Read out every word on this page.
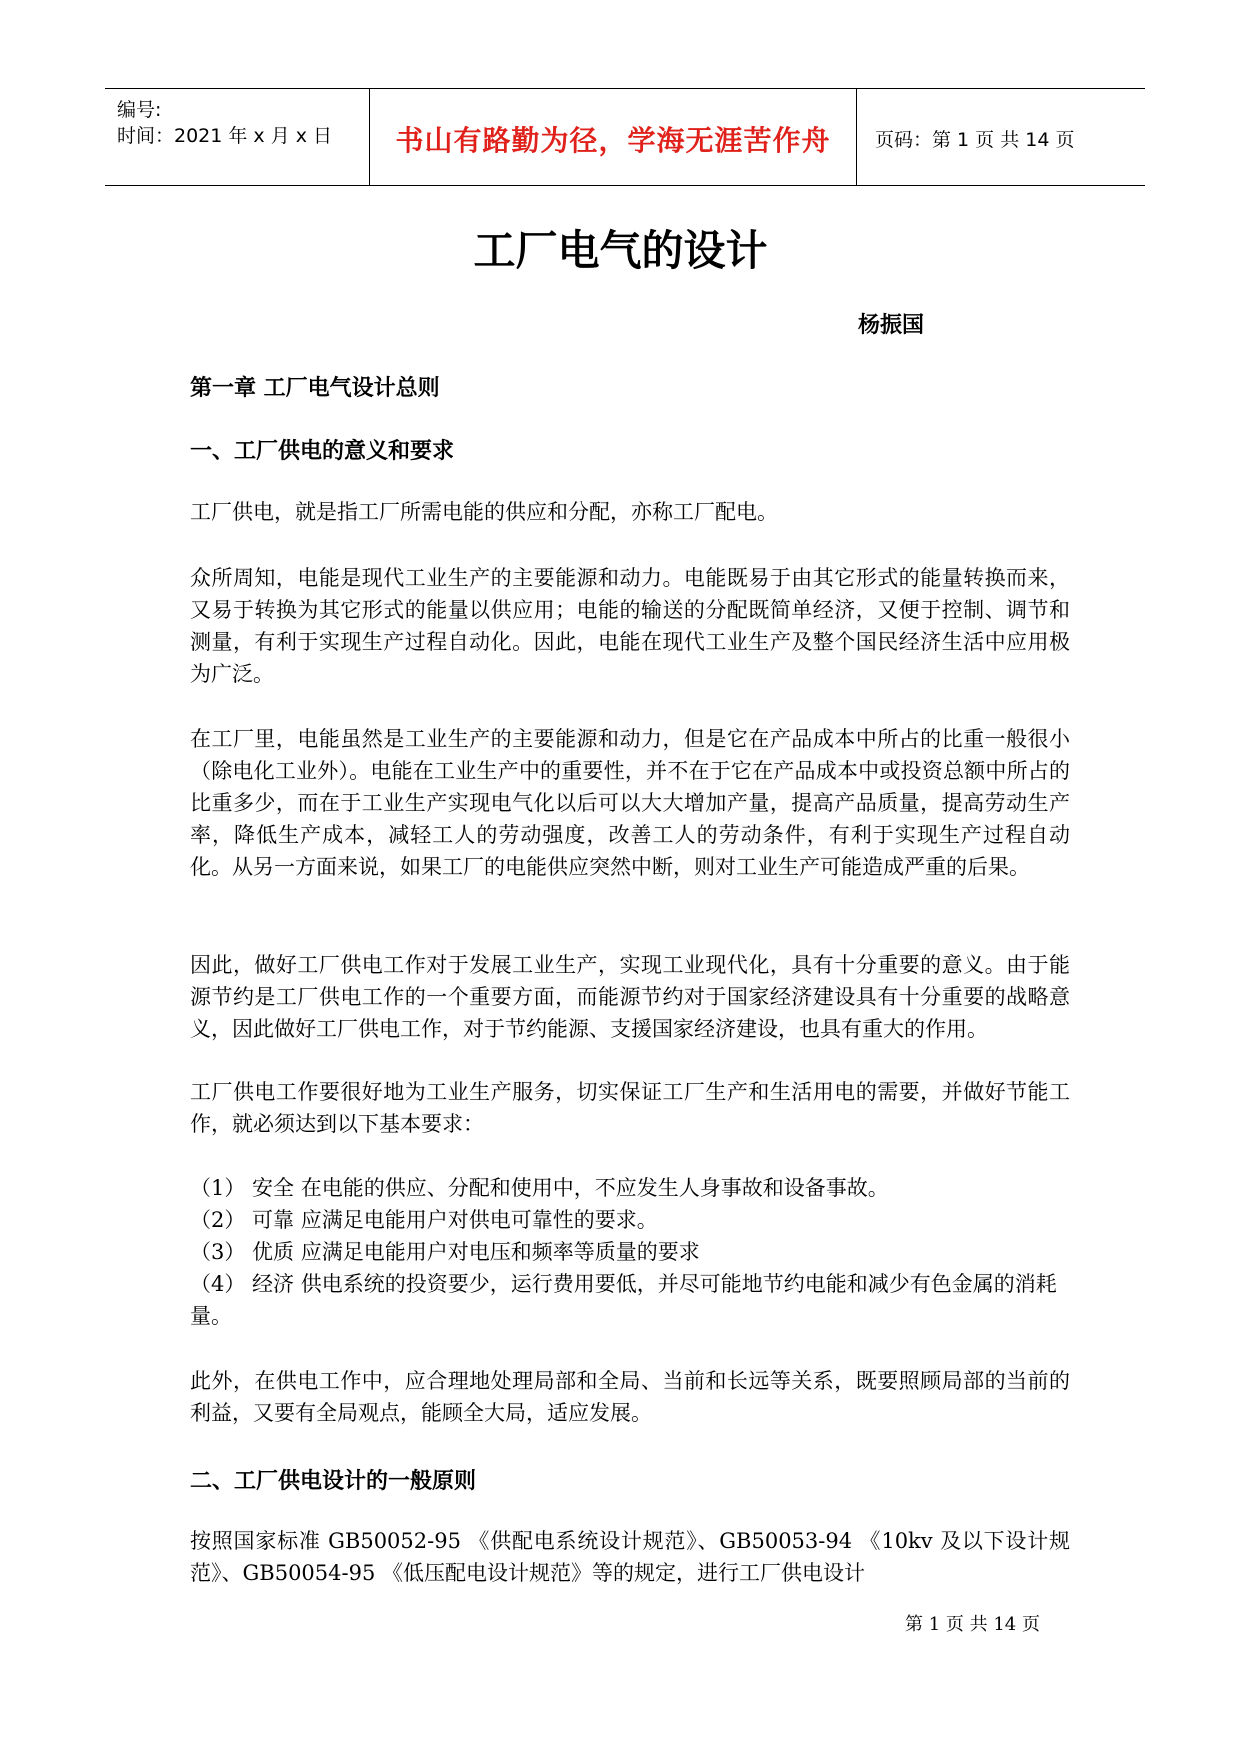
编号:
时间：2021 年 x 月 x 日	书山有路勤为径，学海无涯苦作舟	页码：第 1 页 共 14 页
工厂电气的设计
杨振国
第一章 工厂电气设计总则
一、工厂供电的意义和要求
工厂供电，就是指工厂所需电能的供应和分配，亦称工厂配电。
众所周知，电能是现代工业生产的主要能源和动力。电能既易于由其它形式的能量转换而来，又易于转换为其它形式的能量以供应用；电能的输送的分配既简单经济，又便于控制、调节和测量，有利于实现生产过程自动化。因此，电能在现代工业生产及整个国民经济生活中应用极为广泛。
在工厂里，电能虽然是工业生产的主要能源和动力，但是它在产品成本中所占的比重一般很小（除电化工业外）。电能在工业生产中的重要性，并不在于它在产品成本中或投资总额中所占的比重多少，而在于工业生产实现电气化以后可以大大增加产量，提高产品质量，提高劳动生产率，降低生产成本，减轻工人的劳动强度，改善工人的劳动条件，有利于实现生产过程自动化。从另一方面来说，如果工厂的电能供应突然中断，则对工业生产可能造成严重的后果。
因此，做好工厂供电工作对于发展工业生产，实现工业现代化，具有十分重要的意义。由于能源节约是工厂供电工作的一个重要方面，而能源节约对于国家经济建设具有十分重要的战略意义，因此做好工厂供电工作，对于节约能源、支援国家经济建设，也具有重大的作用。
工厂供电工作要很好地为工业生产服务，切实保证工厂生产和生活用电的需要，并做好节能工作，就必须达到以下基本要求：
（1） 安全 在电能的供应、分配和使用中，不应发生人身事故和设备事故。
（2） 可靠 应满足电能用户对供电可靠性的要求。
（3） 优质 应满足电能用户对电压和频率等质量的要求
（4） 经济 供电系统的投资要少，运行费用要低，并尽可能地节约电能和减少有色金属的消耗量。
此外，在供电工作中，应合理地处理局部和全局、当前和长远等关系，既要照顾局部的当前的利益，又要有全局观点，能顾全大局，适应发展。
二、工厂供电设计的一般原则
按照国家标准 GB50052-95 《供配电系统设计规范》、GB50053-94 《10kv 及以下设计规范》、GB50054-95 《低压配电设计规范》等的规定，进行工厂供电设计
第 1 页 共 14 页
